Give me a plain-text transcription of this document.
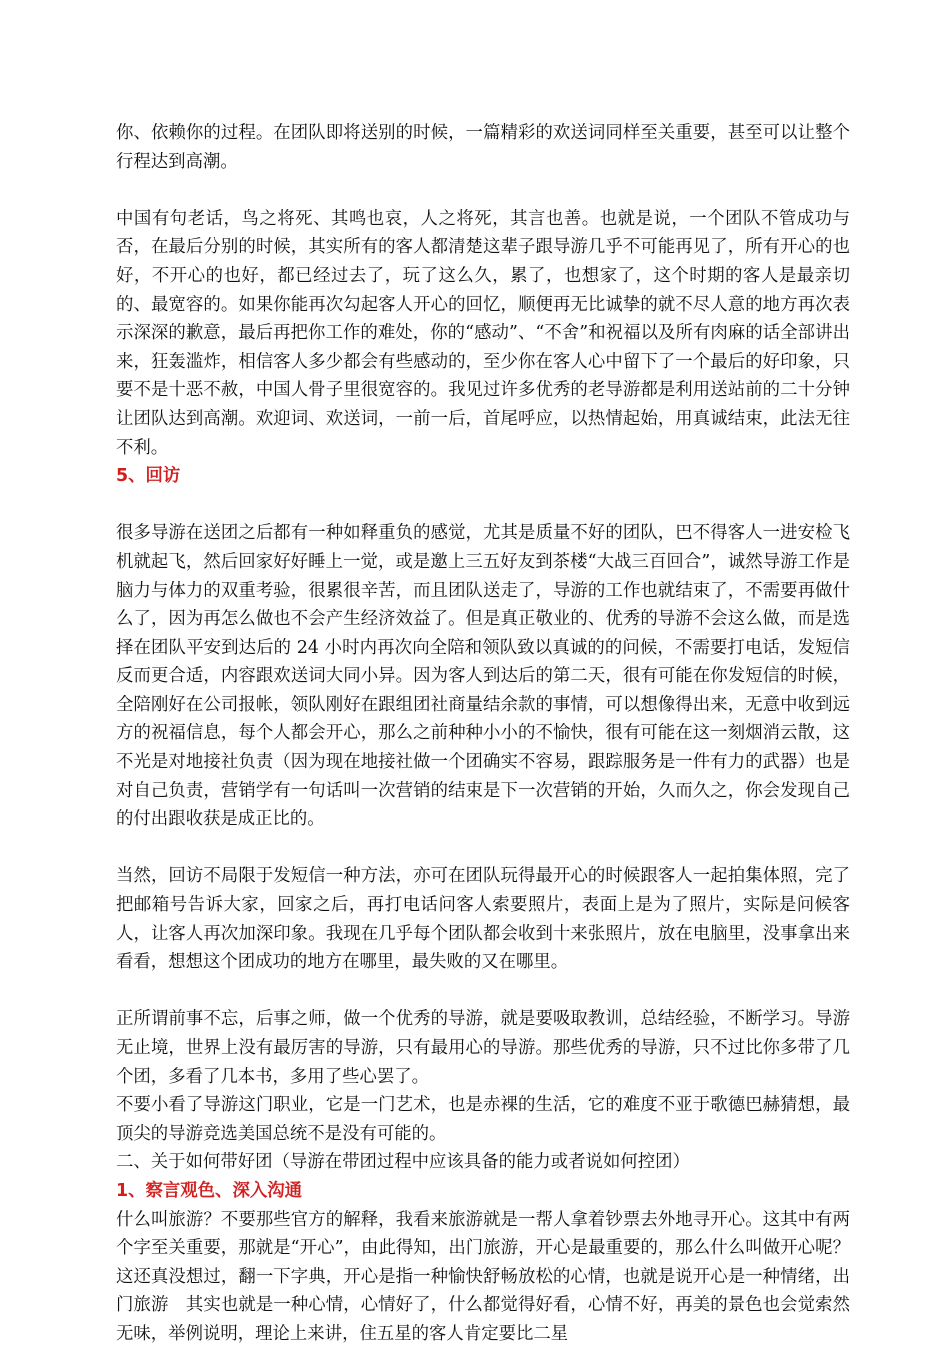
你、依赖你的过程。在团队即将送别的时候，一篇精彩的欢送词同样至关重要，甚至可以让整个行程达到高潮。

中国有句老话，鸟之将死、其鸣也哀，人之将死，其言也善。也就是说，一个团队不管成功与否，在最后分别的时候，其实所有的客人都清楚这辈子跟导游几乎不可能再见了，所有开心的也好，不开心的也好，都已经过去了，玩了这么久，累了，也想家了，这个时期的客人是最亲切的、最宽容的。如果你能再次勾起客人开心的回忆，顺便再无比诚挚的就不尽人意的地方再次表示深深的歉意，最后再把你工作的难处，你的“感动”、“不舍”和祝福以及所有肉麻的话全部讲出来，狂轰滥炸，相信客人多少都会有些感动的，至少你在客人心中留下了一个最后的好印象，只要不是十恶不赦，中国人骨子里很宽容的。我见过许多优秀的老导游都是利用送站前的二十分钟让团队达到高潮。欢迎词、欢送词，一前一后，首尾呼应，以热情起始，用真诚结束，此法无往不利。

5、回访

很多导游在送团之后都有一种如释重负的感觉，尤其是质量不好的团队，巴不得客人一进安检飞机就起飞，然后回家好好睡上一觉，或是邀上三五好友到茶楼“大战三百回合”，诚然导游工作是脑力与体力的双重考验，很累很辛苦，而且团队送走了，导游的工作也就结束了，不需要再做什么了，因为再怎么做也不会产生经济效益了。但是真正敬业的、优秀的导游不会这么做，而是选择在团队平安到达后的 24 小时内再次向全陪和领队致以真诚的的问候，不需要打电话，发短信反而更合适，内容跟欢送词大同小异。因为客人到达后的第二天，很有可能在你发短信的时候，全陪刚好在公司报帐，领队刚好在跟组团社商量结余款的事情，可以想像得出来，无意中收到远方的祝福信息，每个人都会开心，那么之前种种小小的不愉快，很有可能在这一刻烟消云散，这不光是对地接社负责（因为现在地接社做一个团确实不容易，跟踪服务是一件有力的武器）也是对自己负责，营销学有一句话叫一次营销的结束是下一次营销的开始，久而久之，你会发现自己的付出跟收获是成正比的。

当然，回访不局限于发短信一种方法，亦可在团队玩得最开心的时候跟客人一起拍集体照，完了把邮箱号告诉大家，回家之后，再打电话问客人索要照片，表面上是为了照片，实际是问候客人，让客人再次加深印象。我现在几乎每个团队都会收到十来张照片，放在电脑里，没事拿出来看看，想想这个团成功的地方在哪里，最失败的又在哪里。

正所谓前事不忘，后事之师，做一个优秀的导游，就是要吸取教训，总结经验，不断学习。导游无止境，世界上没有最厉害的导游，只有最用心的导游。那些优秀的导游，只不过比你多带了几个团，多看了几本书，多用了些心罢了。

不要小看了导游这门职业，它是一门艺术，也是赤裸的生活，它的难度不亚于歌德巴赫猜想，最顶尖的导游竞选美国总统不是没有可能的。

二、关于如何带好团（导游在带团过程中应该具备的能力或者说如何控团）

1、察言观色、深入沟通

什么叫旅游？不要那些官方的解释，我看来旅游就是一帮人拿着钞票去外地寻开心。这其中有两个字至关重要，那就是“开心”，由此得知，出门旅游，开心是最重要的，那么什么叫做开心呢？这还真没想过，翻一下字典，开心是指一种愉快舒畅放松的心情，也就是说开心是一种情绪，出门旅游　其实也就是一种心情，心情好了，什么都觉得好看，心情不好，再美的景色也会觉索然无味，举例说明，理论上来讲，住五星的客人肯定要比二星
